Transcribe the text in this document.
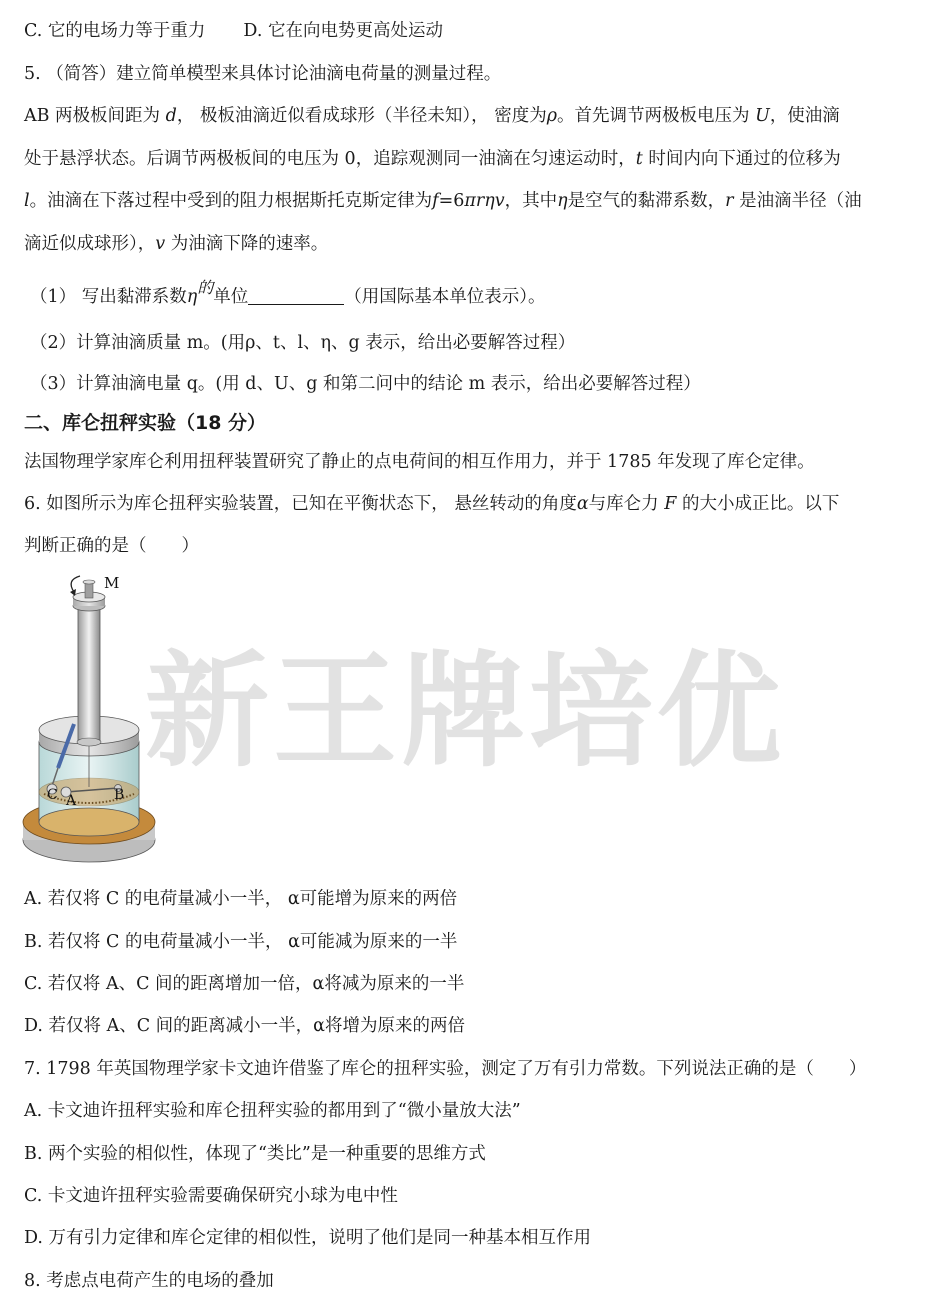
新王牌培优
C. 它的电场力等于重力 D. 它在向电势更高处运动
5. （简答）建立简单模型来具体讨论油滴电荷量的测量过程。
AB 两极板间距为 d， 极板油滴近似看成球形（半径未知）， 密度为ρ。首先调节两极板电压为 U，使油滴
处于悬浮状态。后调节两极板间的电压为 0，追踪观测同一油滴在匀速运动时，t 时间内向下通过的位移为
l。油滴在下落过程中受到的阻力根据斯托克斯定律为f=6πrηv，其中η是空气的黏滞系数，r 是油滴半径（油
滴近似成球形），v 为油滴下降的速率。
（1） 写出黏滞系数η的单位	（用国际基本单位表示）。
（2）计算油滴质量 m。(用ρ、t、l、η、g 表示，给出必要解答过程）
（3）计算油滴电量 q。(用 d、U、g 和第二问中的结论 m 表示，给出必要解答过程）
二、库仑扭秤实验（18 分）
法国物理学家库仑利用扭秤装置研究了静止的点电荷间的相互作用力，并于 1785 年发现了库仑定律。
6. 如图所示为库仑扭秤实验装置，已知在平衡状态下， 悬丝转动的角度α与库仑力 F 的大小成正比。以下
判断正确的是（　　）
M
C A	B
A. 若仅将 C 的电荷量减小一半， α可能增为原来的两倍
B. 若仅将 C 的电荷量减小一半， α可能减为原来的一半
C. 若仅将 A、C 间的距离增加一倍，α将减为原来的一半
D. 若仅将 A、C 间的距离减小一半，α将增为原来的两倍
7. 1798 年英国物理学家卡文迪许借鉴了库仑的扭秤实验，测定了万有引力常数。下列说法正确的是（　　）
A. 卡文迪许扭秤实验和库仑扭秤实验的都用到了“微小量放大法”
B. 两个实验的相似性，体现了“类比”是一种重要的思维方式
C. 卡文迪许扭秤实验需要确保研究小球为电中性
D. 万有引力定律和库仑定律的相似性，说明了他们是同一种基本相互作用
8. 考虑点电荷产生的电场的叠加
